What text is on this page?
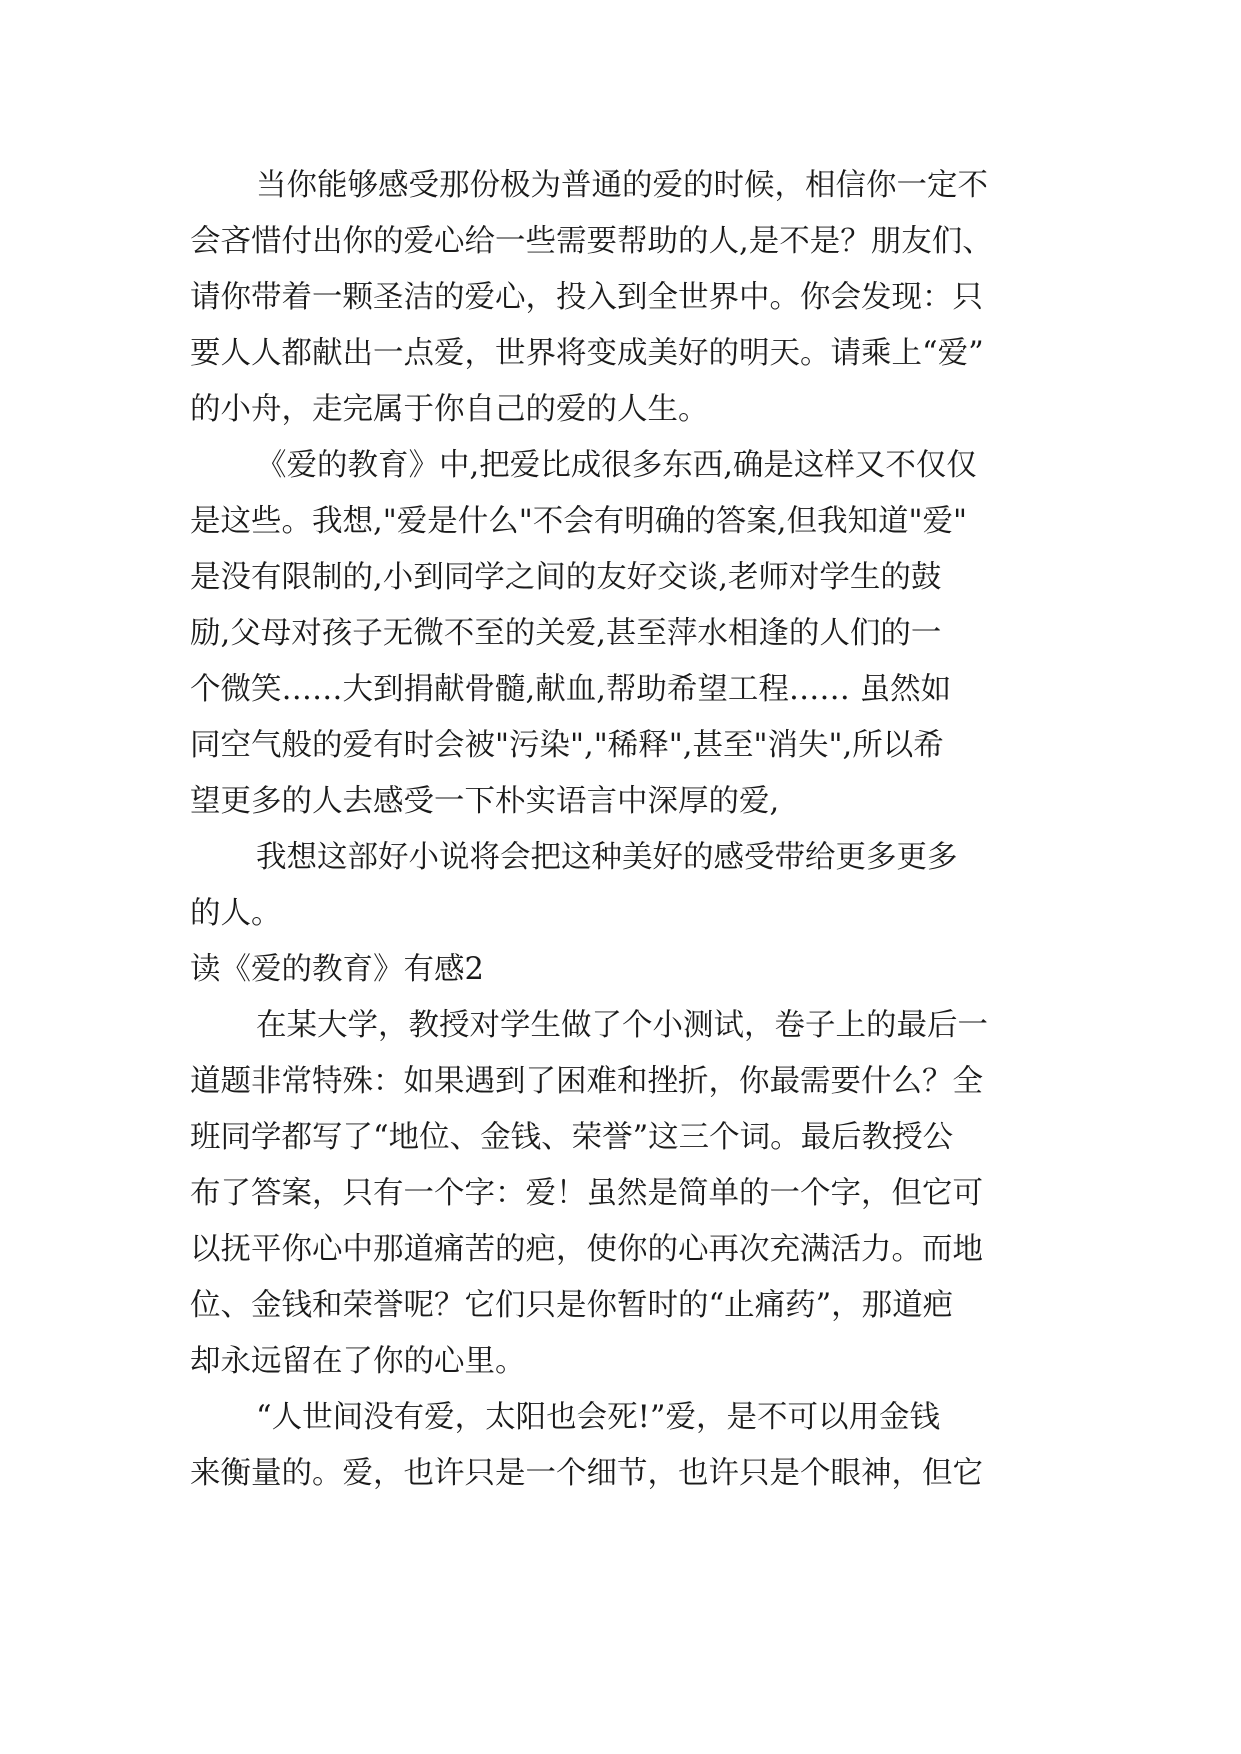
当你能够感受那份极为普通的爱的时候，相信你一定不
会吝惜付出你的爱心给一些需要帮助的人,是不是？朋友们、
请你带着一颗圣洁的爱心，投入到全世界中。你会发现：只
要人人都献出一点爱，世界将变成美好的明天。请乘上“爱”
的小舟，走完属于你自己的爱的人生。
《爱的教育》中,把爱比成很多东西,确是这样又不仅仅
是这些。我想,"爱是什么"不会有明确的答案,但我知道"爱"
是没有限制的,小到同学之间的友好交谈,老师对学生的鼓
励,父母对孩子无微不至的关爱,甚至萍水相逢的人们的一
个微笑……大到捐献骨髓,献血,帮助希望工程…… 虽然如
同空气般的爱有时会被"污染","稀释",甚至"消失",所以希
望更多的人去感受一下朴实语言中深厚的爱,
我想这部好小说将会把这种美好的感受带给更多更多
的人。
读《爱的教育》有感2
在某大学，教授对学生做了个小测试，卷子上的最后一
道题非常特殊：如果遇到了困难和挫折，你最需要什么？全
班同学都写了“地位、金钱、荣誉”这三个词。最后教授公
布了答案，只有一个字：爱！虽然是简单的一个字，但它可
以抚平你心中那道痛苦的疤，使你的心再次充满活力。而地
位、金钱和荣誉呢？它们只是你暂时的“止痛药”，那道疤
却永远留在了你的心里。
“人世间没有爱，太阳也会死!”爱，是不可以用金钱
来衡量的。爱，也许只是一个细节，也许只是个眼神，但它
